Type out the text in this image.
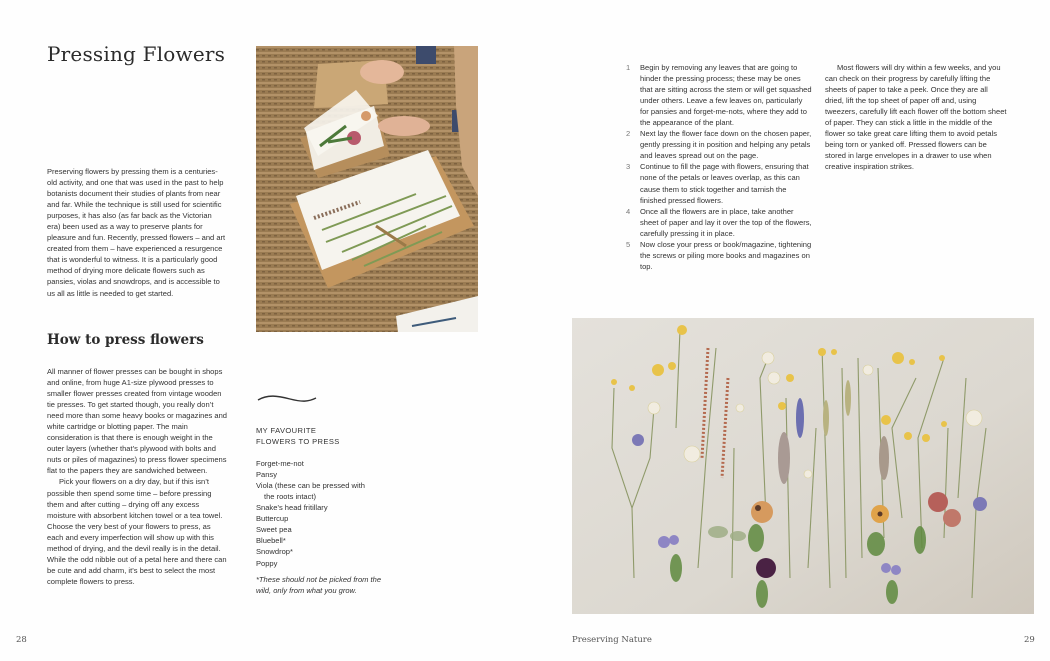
Pressing Flowers

Preserving flowers by pressing them is a centuries-old activity, and one that was used in the past to help botanists document their studies of plants from near and far. While the technique is still used for scientific purposes, it has also (as far back as the Victorian era) been used as a way to preserve plants for pleasure and fun. Recently, pressed flowers – and art created from them – have experienced a resurgence that is wonderful to witness. It is a particularly good method of drying more delicate flowers such as pansies, violas and snowdrops, and is accessible to us all as little is needed to get started.

How to press flowers

All manner of flower presses can be bought in shops and online, from huge A1-size plywood presses to smaller flower presses created from vintage wooden tie presses. To get started though, you really don’t need more than some heavy books or magazines and white cartridge or blotting paper. The main consideration is that there is enough weight in the outer layers (whether that’s plywood with bolts and nuts or piles of magazines) to press flower specimens flat to the papers they are sandwiched between.

Pick your flowers on a dry day, but if this isn’t possible then spend some time – before pressing them and after cutting – drying off any excess moisture with absorbent kitchen towel or a tea towel. Choose the very best of your flowers to press, as each and every imperfection will show up with this method of drying, and the devil really is in the detail. While the odd nibble out of a petal here and there can be cute and add charm, it’s best to select the most complete flowers to press.

MY FAVOURITE
FLOWERS TO PRESS
Forget-me-not
Pansy
Viola (these can be pressed with
the roots intact)
Snake’s head fritillary
Buttercup
Sweet pea
Bluebell*
Snowdrop*
Poppy

*These should not be picked from the wild, only from what you grow.

28
1 Begin by removing any leaves that are going to hinder the pressing process; these may be ones that are sitting across the stem or will get squashed under others. Leave a few leaves on, particularly for pansies and forget-me-nots, where they add to the appearance of the plant.
2 Next lay the flower face down on the chosen paper, gently pressing it in position and helping any petals and leaves spread out on the page.
3 Continue to fill the page with flowers, ensuring that none of the petals or leaves overlap, as this can cause them to stick together and tarnish the finished pressed flowers.
4 Once all the flowers are in place, take another sheet of paper and lay it over the top of the flowers, carefully pressing it in place.
5 Now close your press or book/magazine, tightening the screws or piling more books and magazines on top.

Most flowers will dry within a few weeks, and you can check on their progress by carefully lifting the sheets of paper to take a peek. Once they are all dried, lift the top sheet of paper off and, using tweezers, carefully lift each flower off the bottom sheet of paper. They can stick a little in the middle of the flower so take great care lifting them to avoid petals being torn or yanked off. Pressed flowers can be stored in large envelopes in a drawer to use when creative inspiration strikes.

Preserving Nature	29
